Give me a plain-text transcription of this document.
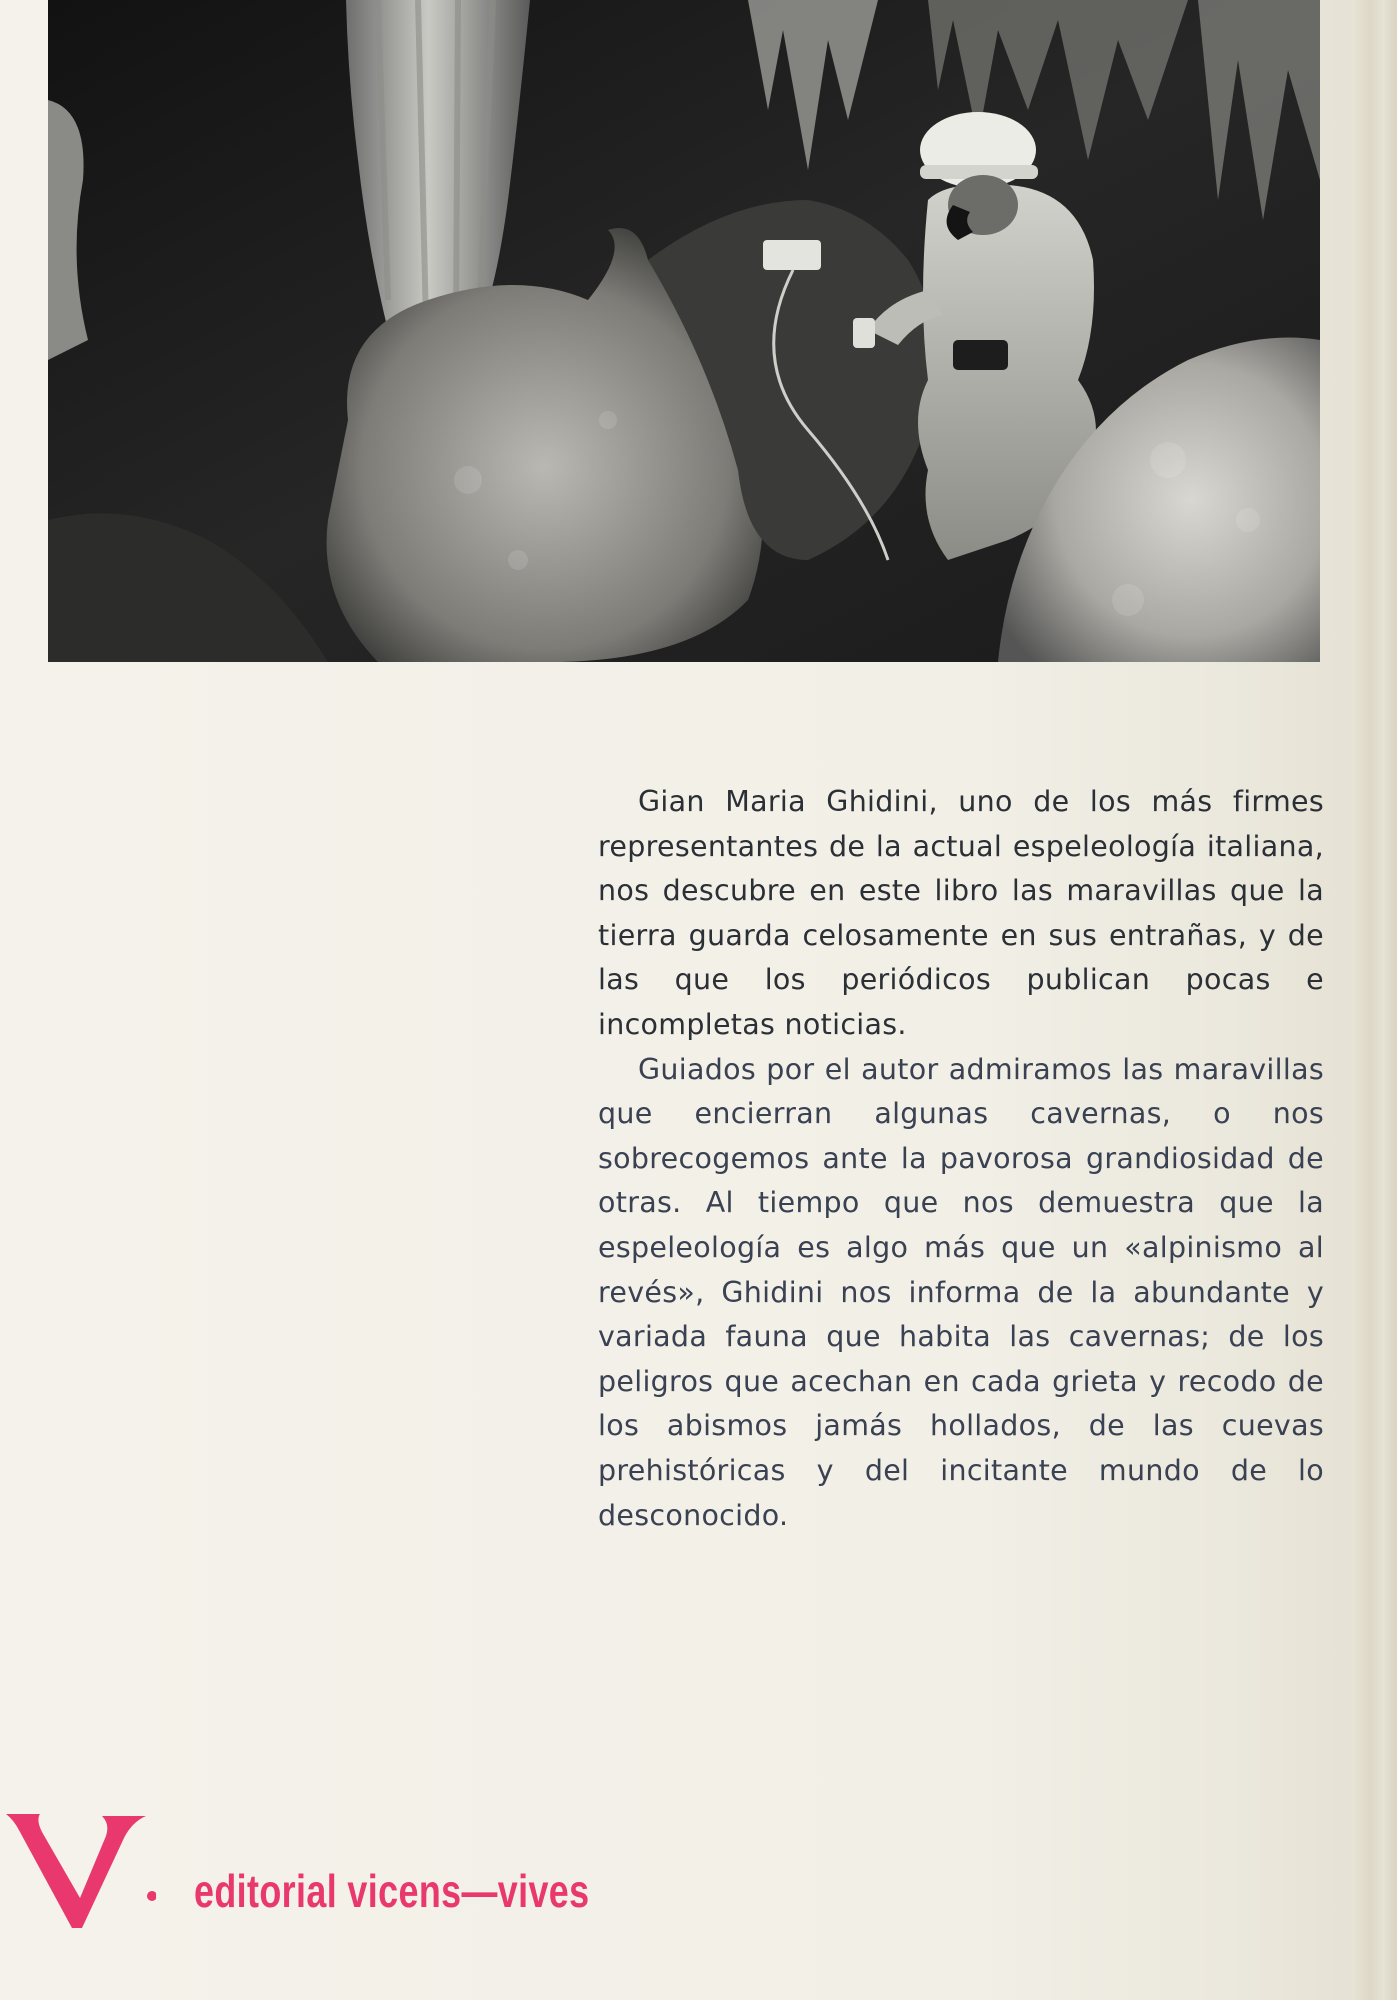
Gian Maria Ghidini, uno de los más firmes representantes de la actual espeleología italiana, nos descubre en este libro las maravillas que la tierra guarda celosamente en sus entrañas, y de las que los periódicos publican pocas e incompletas noticias.

Guiados por el autor admiramos las maravillas que encierran algunas cavernas, o nos sobrecogemos ante la pavorosa grandiosidad de otras. Al tiempo que nos demuestra que la espeleología es algo más que un «alpinismo al revés», Ghidini nos informa de la abundante y variada fauna que habita las cavernas; de los peligros que acechan en cada grieta y recodo de los abismos jamás hollados, de las cuevas prehistóricas y del incitante mundo de lo desconocido.

editorial vicens—vives
